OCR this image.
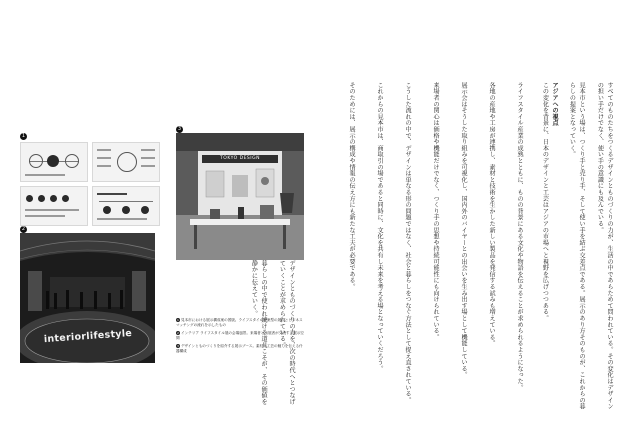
1
2
interiorlifestyle
3
TOKYO DESIGN
1 見本市における展示構成案の図版。ライフスタイル提案型の展示とビジネスマッチングの流れを示したもの
2 インテリア ライフスタイル展の会場風景。来場者と出展者が交流する展示空間
3 デザインとものづくりを紹介する展示ブース。素材と工芸の魅力を伝える什器構成	すべてのものたちをつくるデザインとものづくりの力が、生活の中であらためて問われている。その変化はデザインの担い手だけでなく、使い手の意識にも及んでいる。
見本市という場は、つくり手と売り手、そして使い手を結ぶ交差点である。展示のあり方そのものが、これからの暮らしの提案となっていく。
アジアへの視点
この変化を背景に、日本のデザインと工芸はアジアの市場へと視野を広げつつある。
ライフスタイル産業の成熟とともに、ものの背景にある文化や物語を伝えることが求められるようになった。
各地の産地や工房が連携し、素材と技術を生かした新しい製品を発信する試みも増えている。
展示会はそうした取り組みを可視化し、国内外のバイヤーとの出会いを生み出す場として機能している。
来場者の関心は価格や機能だけでなく、つくり手の思想や持続可能性にも向けられている。
こうした流れの中で、デザインは単なる形の問題ではなく、社会と暮らしをつなぐ方法として捉え直されている。
これからの見本市は、商取引の場であると同時に、文化を共有し未来を考える場となっていくだろう。
そのためには、展示の構成や情報の伝え方にも新たな工夫が必要である。
デザインとものづくりの力を、次の時代へとつなげていくことが求められている。
暮らしの中で使われ続ける道具こそが、その価値を静かに伝えていく。
